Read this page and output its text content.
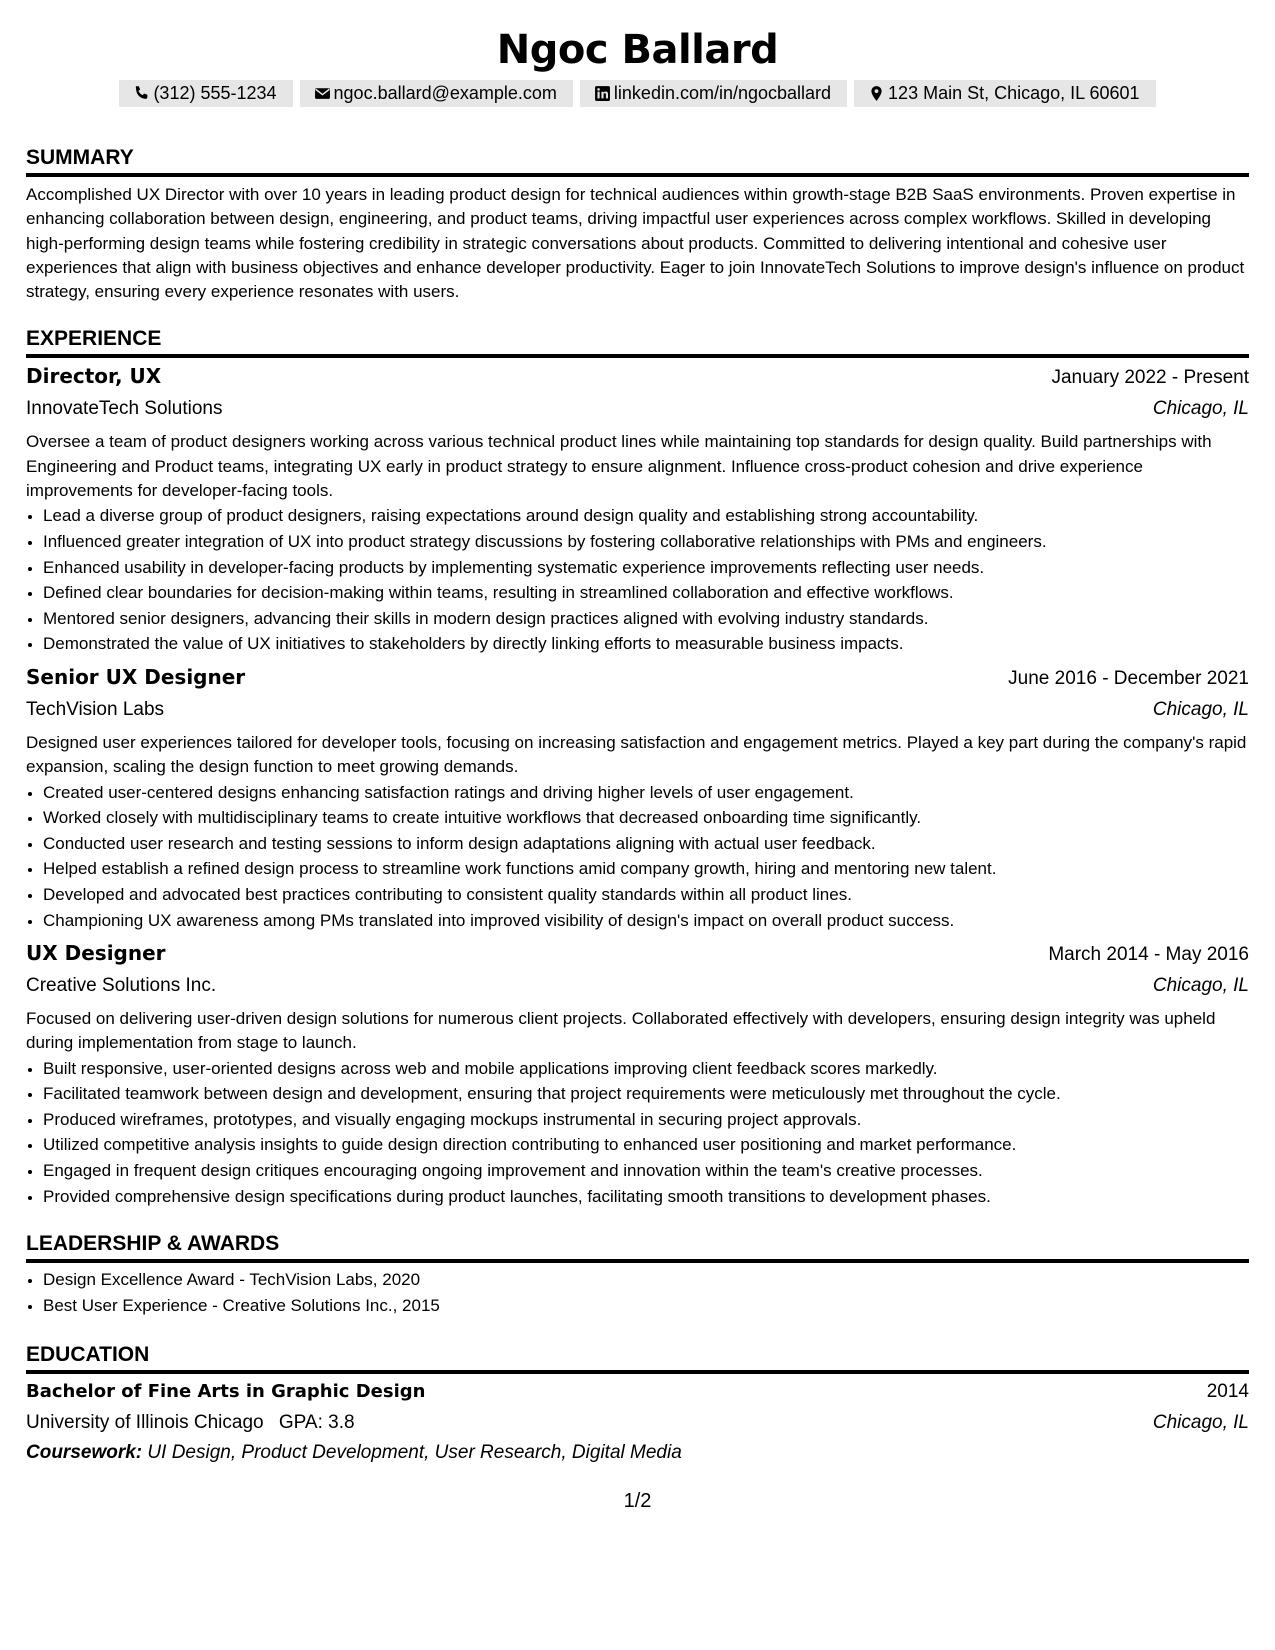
Ngoc Ballard
(312) 555-1234	ngoc.ballard@example.com	linkedin.com/in/ngocballard	123 Main St, Chicago, IL 60601
SUMMARY
Accomplished UX Director with over 10 years in leading product design for technical audiences within growth-stage B2B SaaS environments. Proven expertise in enhancing collaboration between design, engineering, and product teams, driving impactful user experiences across complex workflows. Skilled in developing high-performing design teams while fostering credibility in strategic conversations about products. Committed to delivering intentional and cohesive user experiences that align with business objectives and enhance developer productivity. Eager to join InnovateTech Solutions to improve design's influence on product strategy, ensuring every experience resonates with users.
EXPERIENCE
Director, UX	January 2022 - Present
InnovateTech Solutions	Chicago, IL
Oversee a team of product designers working across various technical product lines while maintaining top standards for design quality. Build partnerships with Engineering and Product teams, integrating UX early in product strategy to ensure alignment. Influence cross-product cohesion and drive experience improvements for developer-facing tools.
• Lead a diverse group of product designers, raising expectations around design quality and establishing strong accountability.
• Influenced greater integration of UX into product strategy discussions by fostering collaborative relationships with PMs and engineers.
• Enhanced usability in developer-facing products by implementing systematic experience improvements reflecting user needs.
• Defined clear boundaries for decision-making within teams, resulting in streamlined collaboration and effective workflows.
• Mentored senior designers, advancing their skills in modern design practices aligned with evolving industry standards.
• Demonstrated the value of UX initiatives to stakeholders by directly linking efforts to measurable business impacts.
Senior UX Designer	June 2016 - December 2021
TechVision Labs	Chicago, IL
Designed user experiences tailored for developer tools, focusing on increasing satisfaction and engagement metrics. Played a key part during the company's rapid expansion, scaling the design function to meet growing demands.
• Created user-centered designs enhancing satisfaction ratings and driving higher levels of user engagement.
• Worked closely with multidisciplinary teams to create intuitive workflows that decreased onboarding time significantly.
• Conducted user research and testing sessions to inform design adaptations aligning with actual user feedback.
• Helped establish a refined design process to streamline work functions amid company growth, hiring and mentoring new talent.
• Developed and advocated best practices contributing to consistent quality standards within all product lines.
• Championing UX awareness among PMs translated into improved visibility of design's impact on overall product success.
UX Designer	March 2014 - May 2016
Creative Solutions Inc.	Chicago, IL
Focused on delivering user-driven design solutions for numerous client projects. Collaborated effectively with developers, ensuring design integrity was upheld during implementation from stage to launch.
• Built responsive, user-oriented designs across web and mobile applications improving client feedback scores markedly.
• Facilitated teamwork between design and development, ensuring that project requirements were meticulously met throughout the cycle.
• Produced wireframes, prototypes, and visually engaging mockups instrumental in securing project approvals.
• Utilized competitive analysis insights to guide design direction contributing to enhanced user positioning and market performance.
• Engaged in frequent design critiques encouraging ongoing improvement and innovation within the team's creative processes.
• Provided comprehensive design specifications during product launches, facilitating smooth transitions to development phases.
LEADERSHIP & AWARDS
• Design Excellence Award - TechVision Labs, 2020
• Best User Experience - Creative Solutions Inc., 2015
EDUCATION
Bachelor of Fine Arts in Graphic Design	2014
University of Illinois Chicago GPA: 3.8	Chicago, IL
Coursework: UI Design, Product Development, User Research, Digital Media
1/2
